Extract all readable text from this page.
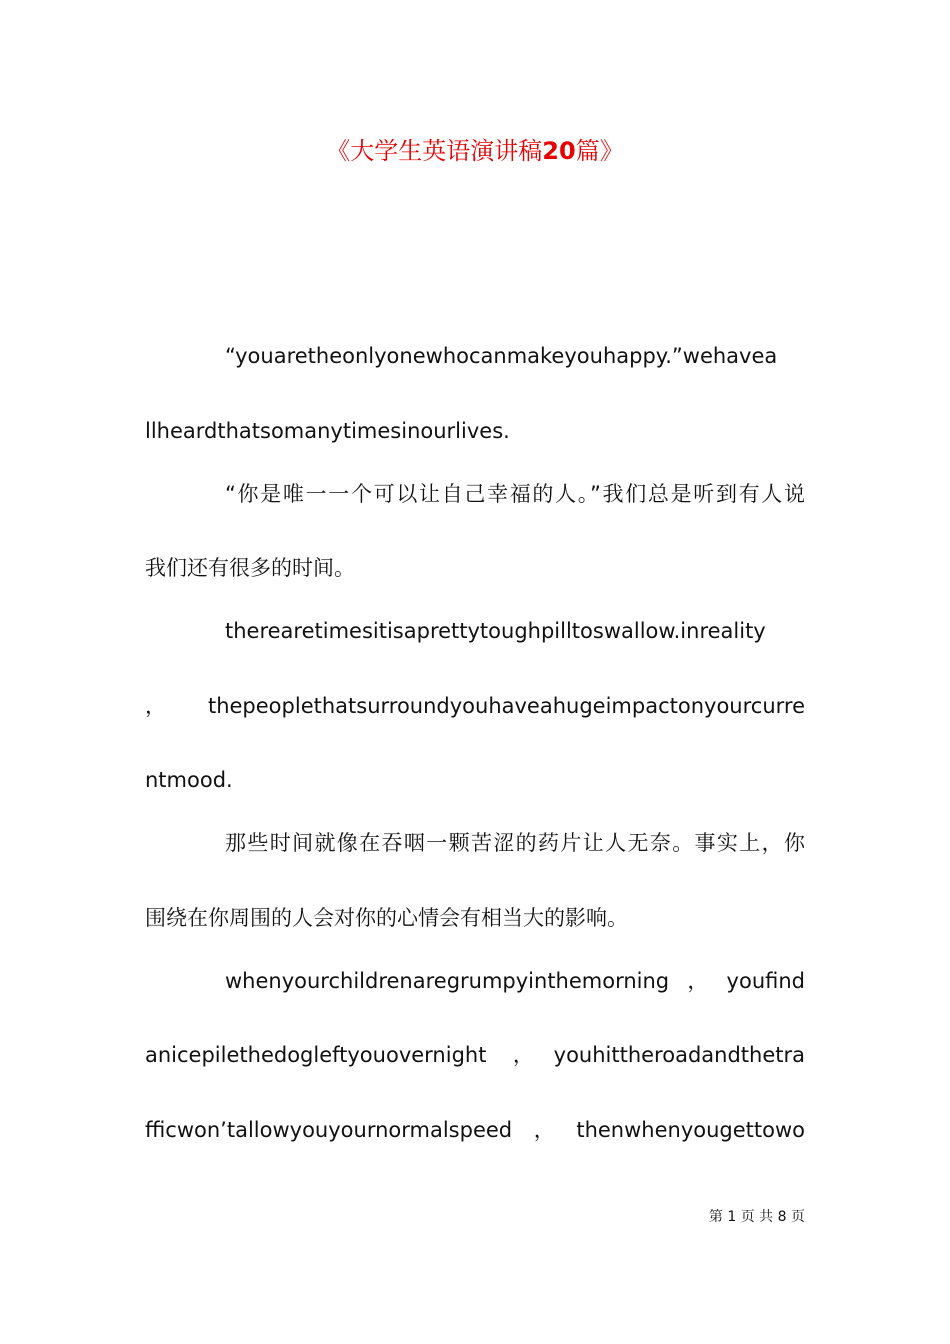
《大学生英语演讲稿20篇》
“youaretheonlyonewhocanmakeyouhappy.”wehavea
llheardthatsomanytimesinourlives.
“你是唯一一个可以让自己幸福的人。”我们总是听到有人说
我们还有很多的时间。
therearetimesitisaprettytoughpilltoswallow.inreality
，thepeoplethatsurroundyouhaveahugeimpactonyourcurre
ntmood.
那些时间就像在吞咽一颗苦涩的药片让人无奈。事实上，你
围绕在你周围的人会对你的心情会有相当大的影响。
whenyourchildrenaregrumpyinthemorning，youfind
anicepilethedogleftyouovernight ，youhittheroadandthetra
fficwon’tallowyouyournormalspeed，thenwhenyougettowo
第 1 页 共 8 页
